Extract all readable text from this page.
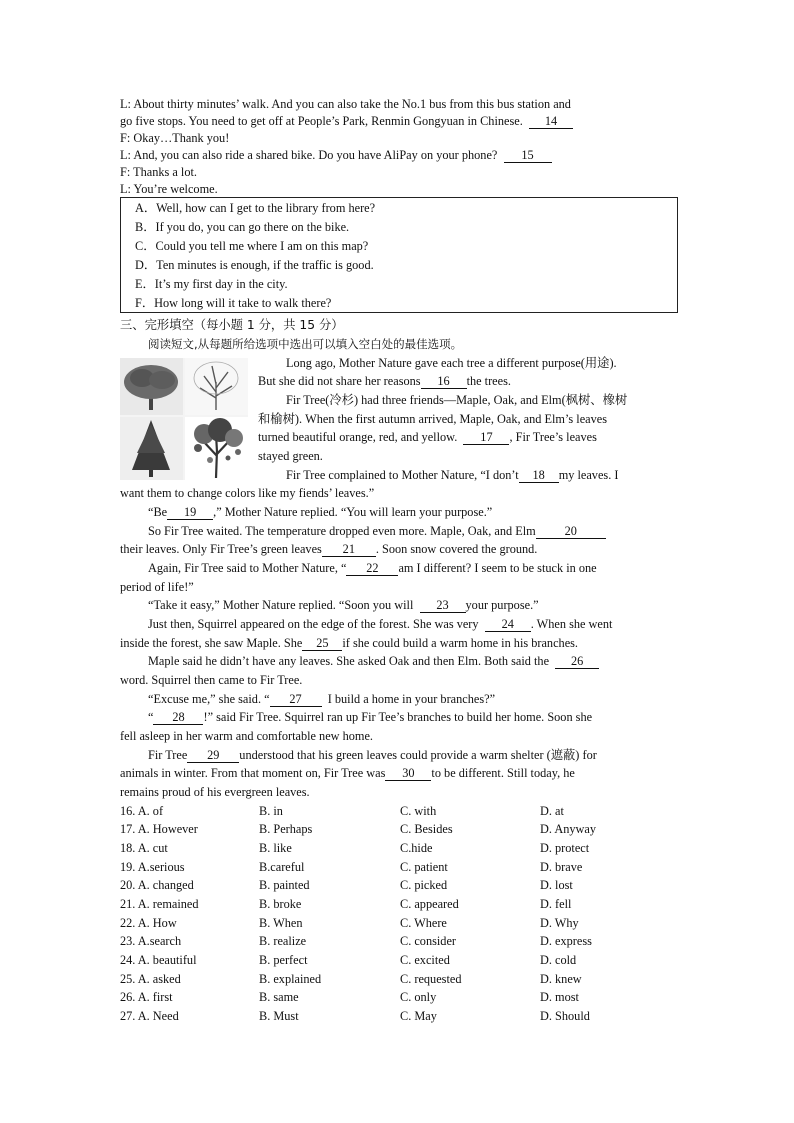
L: About thirty minutes’ walk. And you can also take the No.1 bus from this bus station and
go five stops. You need to get off at People’s Park, Renmin Gongyuan in Chinese. 14
F: Okay…Thank you!
L: And, you can also ride a shared bike. Do you have AliPay on your phone? 15
F: Thanks a lot.
L: You’re welcome.
A．Well, how can I get to the library from here?
B．If you do, you can go there on the bike.
C．Could you tell me where I am on this map?
D．Ten minutes is enough, if the traffic is good.
E．It’s my first day in the city.
F．How long will it take to walk there?
三、完形填空（每小题 1 分，共 15 分）
阅读短文,从每题所给选项中选出可以填入空白处的最佳选项。
Long ago, Mother Nature gave each tree a different purpose(用途).
But she did not share her reasons 16 the trees.
Fir Tree(冷杉) had three friends—Maple, Oak, and Elm(枫树、橡树
和榆树). When the first autumn arrived, Maple, Oak, and Elm’s leaves
turned beautiful orange, red, and yellow. 17 , Fir Tree’s leaves
stayed green.
Fir Tree complained to Mother Nature, “I don’t 18 my leaves. I
want them to change colors like my fiends’ leaves.”
“Be 19 ,” Mother Nature replied. “You will learn your purpose.”
So Fir Tree waited. The temperature dropped even more. Maple, Oak, and Elm 20
their leaves. Only Fir Tree’s green leaves 21 . Soon snow covered the ground.
Again, Fir Tree said to Mother Nature, “ 22 am I different? I seem to be stuck in one
period of life!”
“Take it easy,” Mother Nature replied. “Soon you will 23 your purpose.”
Just then, Squirrel appeared on the edge of the forest. She was very 24 . When she went
inside the forest, she saw Maple. She 25 if she could build a warm home in his branches.
Maple said he didn’t have any leaves. She asked Oak and then Elm. Both said the 26
word. Squirrel then came to Fir Tree.
“Excuse me,” she said. “ 27 I build a home in your branches?”
“ 28 !” said Fir Tree. Squirrel ran up Fir Tee’s branches to build her home. Soon she
fell asleep in her warm and comfortable new home.
Fir Tree 29 understood that his green leaves could provide a warm shelter (遮蔽) for
animals in winter. From that moment on, Fir Tree was 30 to be different. Still today, he
remains proud of his evergreen leaves.
16. A. of	B. in	C. with	D. at
17. A. However	B. Perhaps	C. Besides	D. Anyway
18. A. cut	B. like	C.hide	D. protect
19. A.serious	B.careful	C. patient	D. brave
20. A. changed	B. painted	C. picked	D. lost
21. A. remained	B. broke	C. appeared	D. fell
22. A. How	B. When	C. Where	D. Why
23. A.search	B. realize	C. consider	D. express
24. A. beautiful	B. perfect	C. excited	D. cold
25. A. asked	B. explained	C. requested	D. knew
26. A. first	B. same	C. only	D. most
27. A. Need	B. Must	C. May	D. Should
